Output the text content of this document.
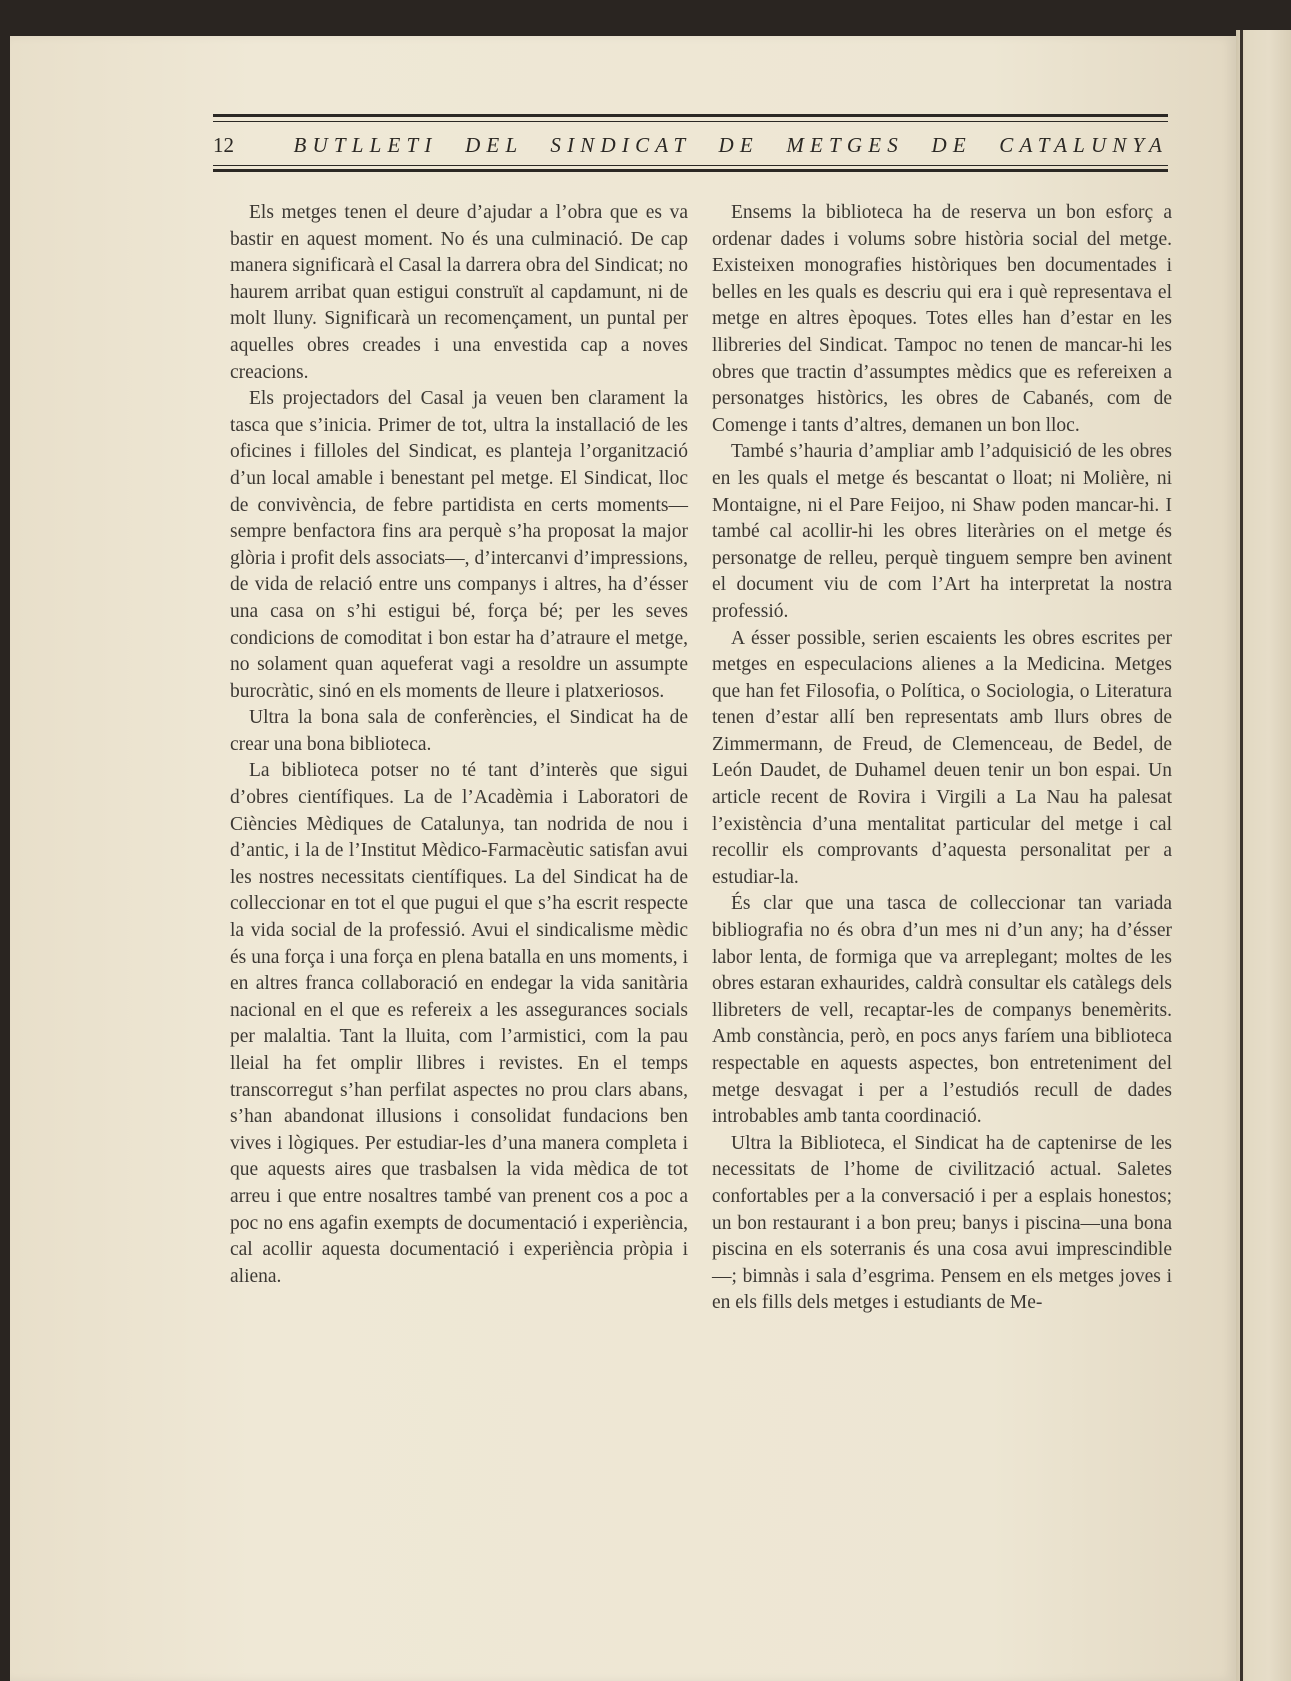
12	BUTLLETI DEL SINDICAT DE METGES DE CATALUNYA

Els metges tenen el deure d’ajudar a l’obra que es va bastir en aquest moment. No és una culminació. De cap manera significarà el Casal la darrera obra del Sindicat; no haurem arribat quan estigui construït al capdamunt, ni de molt lluny. Significarà un recomençament, un puntal per aquelles obres creades i una envestida cap a noves creacions.

Els projectadors del Casal ja veuen ben clarament la tasca que s’inicia. Primer de tot, ultra la installació de les oficines i filloles del Sindicat, es planteja l’organització d’un local amable i benestant pel metge. El Sindicat, lloc de convivència, de febre partidista en certs moments—sempre benfactora fins ara perquè s’ha proposat la major glòria i profit dels associats—, d’intercanvi d’impressions, de vida de relació entre uns companys i altres, ha d’ésser una casa on s’hi estigui bé, força bé; per les seves condicions de comoditat i bon estar ha d’atraure el metge, no solament quan aqueferat vagi a resoldre un assumpte burocràtic, sinó en els moments de lleure i platxeriosos.

Ultra la bona sala de conferències, el Sindicat ha de crear una bona biblioteca.

La biblioteca potser no té tant d’interès que sigui d’obres científiques. La de l’Acadèmia i Laboratori de Ciències Mèdiques de Catalunya, tan nodrida de nou i d’antic, i la de l’Institut Mèdico-Farmacèutic satisfan avui les nostres necessitats científiques. La del Sindicat ha de colleccionar en tot el que pugui el que s’ha escrit respecte la vida social de la professió. Avui el sindicalisme mèdic és una força i una força en plena batalla en uns moments, i en altres franca collaboració en endegar la vida sanitària nacional en el que es refereix a les assegurances socials per malaltia. Tant la lluita, com l’armistici, com la pau lleial ha fet omplir llibres i revistes. En el temps transcorregut s’han perfilat aspectes no prou clars abans, s’han abandonat illusions i consolidat fundacions ben vives i lògiques. Per estudiar-les d’una manera completa i que aquests aires que trasbalsen la vida mèdica de tot arreu i que entre nosaltres també van prenent cos a poc a poc no ens agafin exempts de documentació i experiència, cal acollir aquesta documentació i experiència pròpia i aliena.

Ensems la biblioteca ha de reserva un bon esforç a ordenar dades i volums sobre història social del metge. Existeixen monografies històriques ben documentades i belles en les quals es descriu qui era i què representava el metge en altres èpoques. Totes elles han d’estar en les llibreries del Sindicat. Tampoc no tenen de mancar-hi les obres que tractin d’assumptes mèdics que es refereixen a personatges històrics, les obres de Cabanés, com de Comenge i tants d’altres, demanen un bon lloc.

També s’hauria d’ampliar amb l’adquisició de les obres en les quals el metge és bescantat o lloat; ni Molière, ni Montaigne, ni el Pare Feijoo, ni Shaw poden mancar-hi. I també cal acollir-hi les obres literàries on el metge és personatge de relleu, perquè tinguem sempre ben avinent el document viu de com l’Art ha interpretat la nostra professió.

A ésser possible, serien escaients les obres escrites per metges en especulacions alienes a la Medicina. Metges que han fet Filosofia, o Política, o Sociologia, o Literatura tenen d’estar allí ben representats amb llurs obres de Zimmermann, de Freud, de Clemenceau, de Bedel, de León Daudet, de Duhamel deuen tenir un bon espai. Un article recent de Rovira i Virgili a La Nau ha palesat l’existència d’una mentalitat particular del metge i cal recollir els comprovants d’aquesta personalitat per a estudiar-la.

És clar que una tasca de colleccionar tan variada bibliografia no és obra d’un mes ni d’un any; ha d’ésser labor lenta, de formiga que va arreplegant; moltes de les obres estaran exhaurides, caldrà consultar els catàlegs dels llibreters de vell, recaptar-les de companys benemèrits. Amb constància, però, en pocs anys faríem una biblioteca respectable en aquests aspectes, bon entreteniment del metge desvagat i per a l’estudiós recull de dades introbables amb tanta coordinació.

Ultra la Biblioteca, el Sindicat ha de captenirse de les necessitats de l’home de civilització actual. Saletes confortables per a la conversació i per a esplais honestos; un bon restaurant i a bon preu; banys i piscina—una bona piscina en els soterranis és una cosa avui imprescindible—; bimnàs i sala d’esgrima. Pensem en els metges joves i en els fills dels metges i estudiants de Me-
